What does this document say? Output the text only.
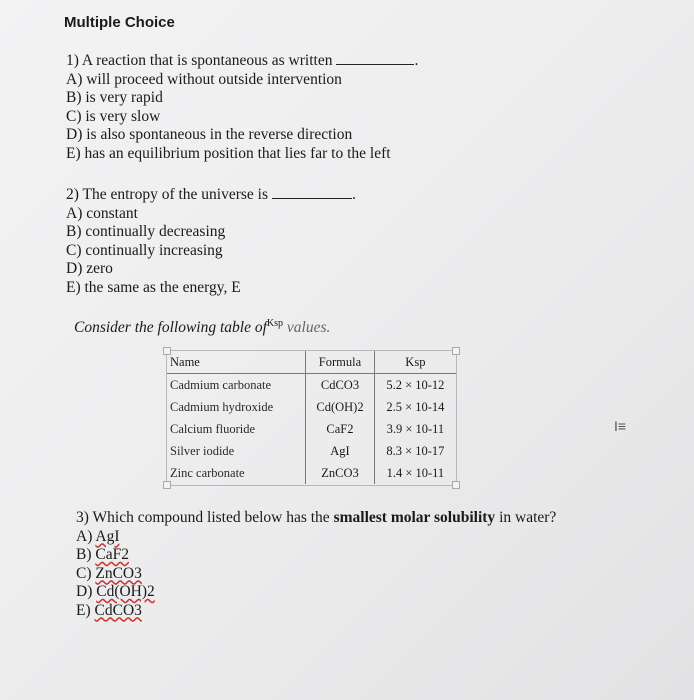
Multiple Choice
1) A reaction that is spontaneous as written	.
A) will proceed without outside intervention
B) is very rapid
C) is very slow
D) is also spontaneous in the reverse direction
E) has an equilibrium position that lies far to the left
2) The entropy of the universe is	.
A) constant
B) continually decreasing
C) continually increasing
D) zero
E) the same as the energy, E
Consider the following table $of^{Ksp}$ values.
Name	Formula	Ksp
Cadmium carbonate	CdCO3	5.2 × 10-12
Cadmium hydroxide	Cd(OH)2	2.5 × 10-14
Calcium fluoride	CaF2	3.9 × 10-11
Silver iodide	AgI	8.3 × 10-17
Zinc carbonate	ZnCO3	1.4 × 10-11
3) Which compound listed below has the smallest molar solubility in water?
A) AgI
B) CaF2
C) ZnCO3
D) Cd(OH)2
E) CdCO3
I≡
